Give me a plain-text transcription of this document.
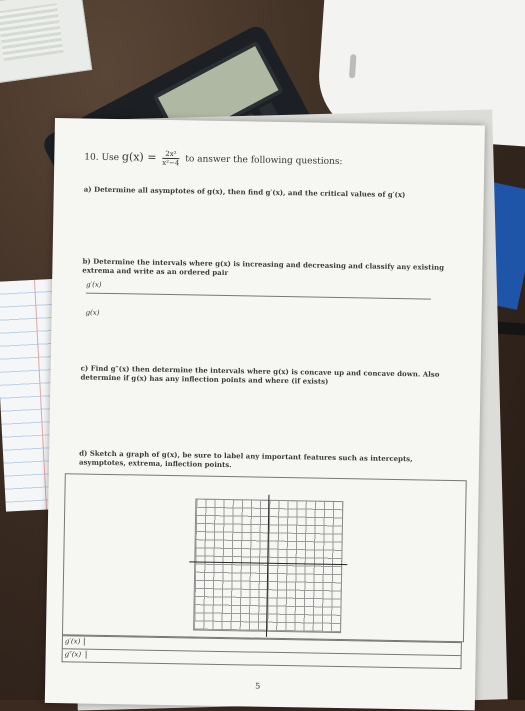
10. Use $g(x) = \frac{\text{2x²}}{\text{x²−4}}$ to answer the following questions:
a) Determine all asymptotes of g(x), then find g′(x), and the critical values of g′(x)
b) Determine the intervals where g(x) is increasing and decreasing and classify any existing extrema and write as an ordered pair
g′(x)
g(x)
c) Find g″(x) then determine the intervals where g(x) is concave up and concave down. Also determine if g(x) has any inflection points and where (if exists)
d) Sketch a graph of g(x), be sure to label any important features such as intercepts, asymptotes, extrema, inflection points.
g′(x)
g″(x)
5
